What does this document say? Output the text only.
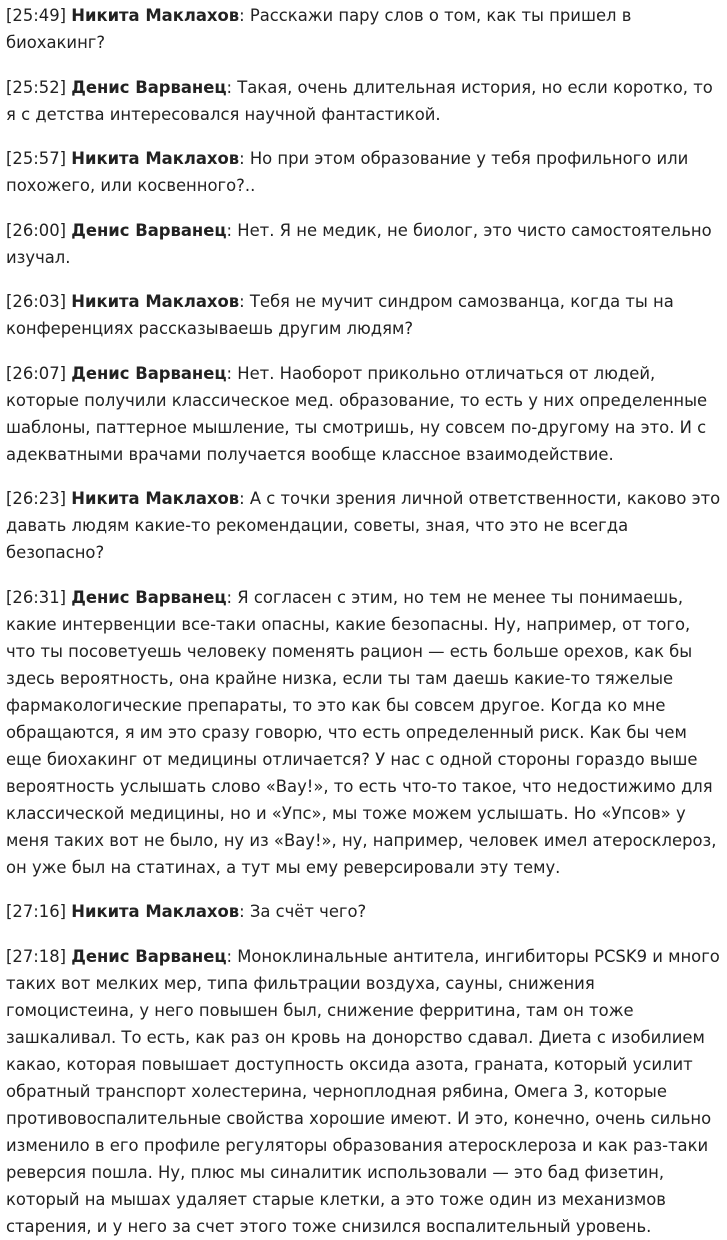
[25:49] Никита Маклахов: Расскажи пару слов о том, как ты пришел в биохакинг?

[25:52] Денис Варванец: Такая, очень длительная история, но если коротко, то я с детства интересовался научной фантастикой.

[25:57] Никита Маклахов: Но при этом образование у тебя профильного или похожего, или косвенного?..

[26:00] Денис Варванец: Нет. Я не медик, не биолог, это чисто самостоятельно изучал.

[26:03] Никита Маклахов: Тебя не мучит синдром самозванца, когда ты на конференциях рассказываешь другим людям?

[26:07] Денис Варванец: Нет. Наоборот прикольно отличаться от людей, которые получили классическое мед. образование, то есть у них определенные шаблоны, паттерное мышление, ты смотришь, ну совсем по-другому на это. И с адекватными врачами получается вообще классное взаимодействие.

[26:23] Никита Маклахов: А с точки зрения личной ответственности, каково это давать людям какие-то рекомендации, советы, зная, что это не всегда безопасно?

[26:31] Денис Варванец: Я согласен с этим, но тем не менее ты понимаешь, какие интервенции все-таки опасны, какие безопасны. Ну, например, от того, что ты посоветуешь человеку поменять рацион — есть больше орехов, как бы здесь вероятность, она крайне низка, если ты там даешь какие-то тяжелые фармакологические препараты, то это как бы совсем другое. Когда ко мне обращаются, я им это сразу говорю, что есть определенный риск. Как бы чем еще биохакинг от медицины отличается? У нас с одной стороны гораздо выше вероятность услышать слово «Вау!», то есть что-то такое, что недостижимо для классической медицины, но и «Упс», мы тоже можем услышать. Но «Упсов» у меня таких вот не было, ну из «Вау!», ну, например, человек имел атеросклероз, он уже был на статинах, а тут мы ему реверсировали эту тему.

[27:16] Никита Маклахов: За счёт чего?

[27:18] Денис Варванец: Моноклинальные антитела, ингибиторы PCSK9 и много таких вот мелких мер, типа фильтрации воздуха, сауны, снижения гомоцистеина, у него повышен был, снижение ферритина, там он тоже зашкаливал. То есть, как раз он кровь на донорство сдавал. Диета с изобилием какао, которая повышает доступность оксида азота, граната, который усилит обратный транспорт холестерина, черноплодная рябина, Омега 3, которые противовоспалительные свойства хорошие имеют. И это, конечно, очень сильно изменило в его профиле регуляторы образования атеросклероза и как раз-таки реверсия пошла. Ну, плюс мы синалитик использовали — это бад физетин, который на мышах удаляет старые клетки, а это тоже один из механизмов старения, и у него за счет этого тоже снизился воспалительный уровень.
